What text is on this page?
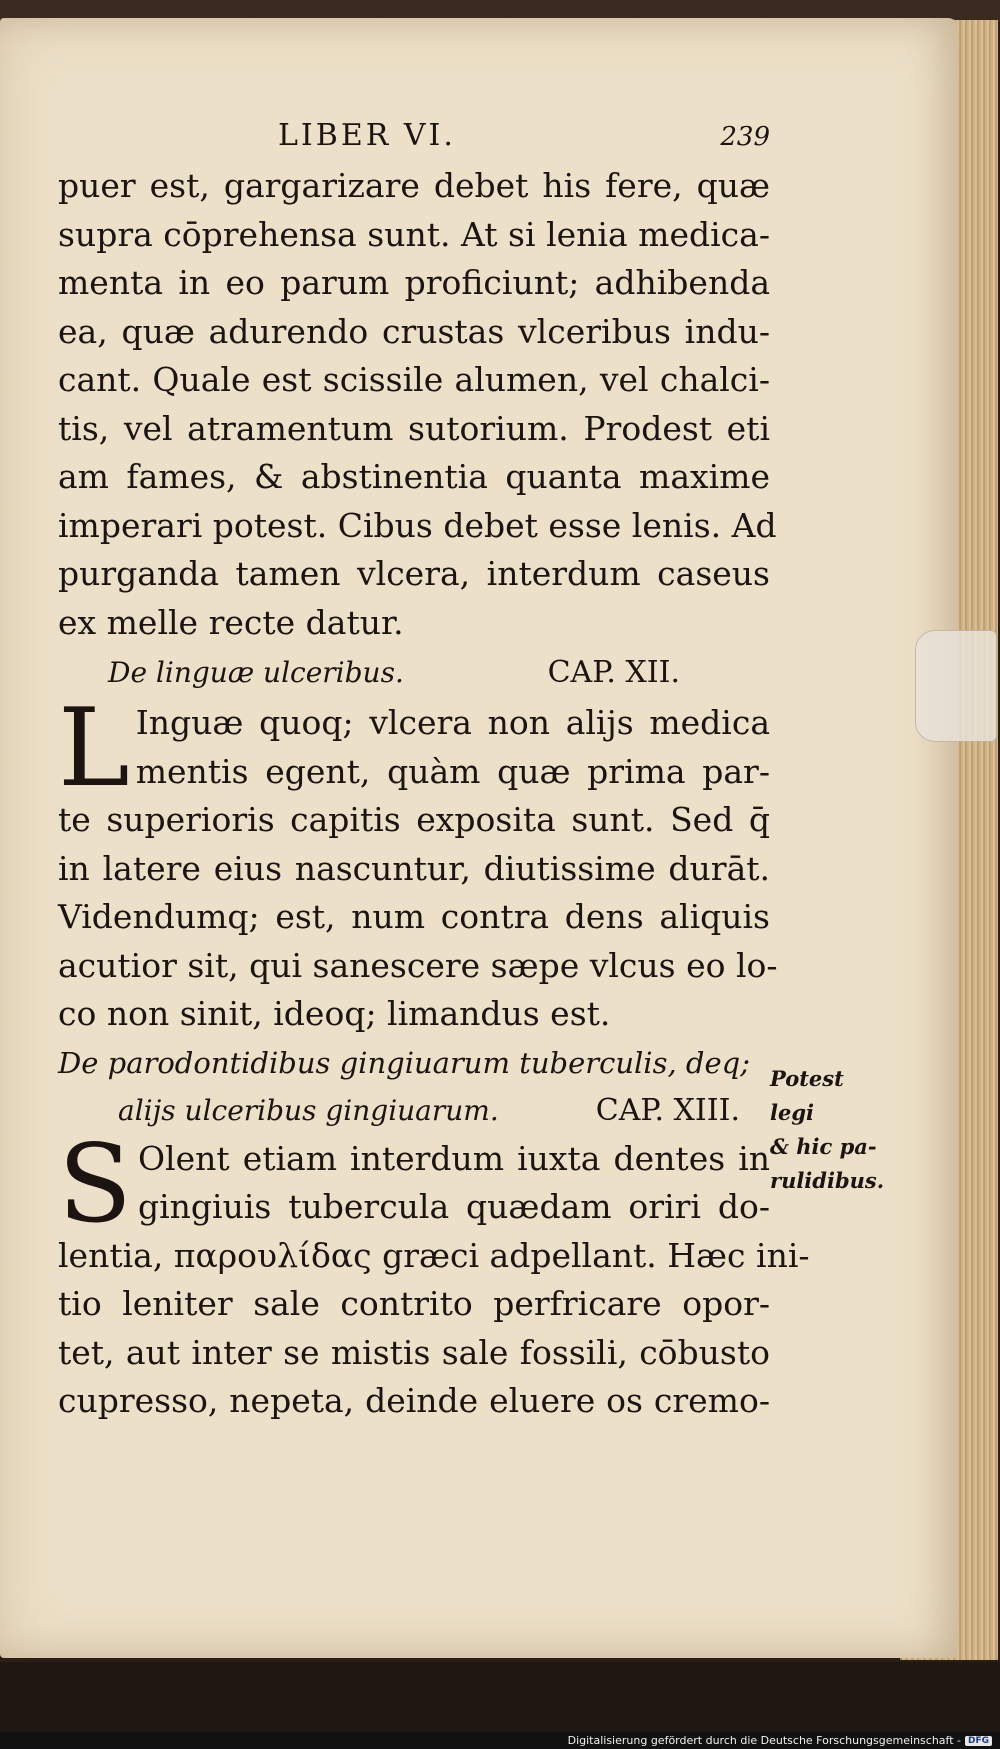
LIBER VI.	239
puer est, gargarizare debet his fere, quæ
supra cōprehensa sunt. At si lenia medica-
menta in eo parum proficiunt; adhibenda
ea, quæ adurendo crustas vlceribus indu-
cant. Quale est scissile alumen, vel chalci-
tis, vel atramentum sutorium. Prodest eti
am fames, & abstinentia quanta maxime
imperari potest. Cibus debet esse lenis. Ad
purganda tamen vlcera, interdum caseus
ex melle recte datur.
De linguæ ulceribus.	CAP. XII.
L Inguæ quoq; vlcera non alijs medica
mentis egent, quàm quæ prima par-
te superioris capitis exposita sunt. Sed q̄
in latere eius nascuntur, diutissime durāt.
Videndumq; est, num contra dens aliquis
acutior sit, qui sanescere sæpe vlcus eo lo-
co non sinit, ideoq; limandus est.
De parodontidibus gingiuarum tuberculis, deq;
alijs ulceribus gingiuarum.	CAP. XIII.
S Olent etiam interdum iuxta dentes in
gingiuis tubercula quædam oriri do-
lentia, παρουλίδας græci adpellant. Hæc ini-
tio leniter sale contrito perfricare opor-
tet, aut inter se mistis sale fossili, cōbusto
cupresso, nepeta, deinde eluere os cremo-
Potest legi
& hic pa-
rulidibus.
Digitalisierung gefördert durch die Deutsche Forschungsgemeinschaft - DFG
